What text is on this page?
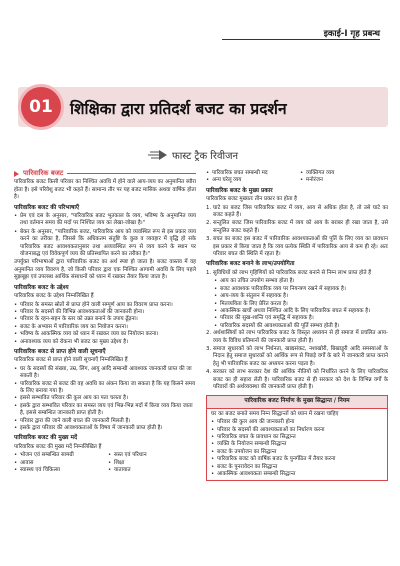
इकाई-I गृह प्रबन्ध
01	शिक्षिका द्वारा प्रतिदर्श बजट का प्रदर्शन
फास्ट ट्रैक रिवीजन
पारिवारिक बजट
पारिवारिक बजट किसी परिवार का निश्चित अवधि में होने वाले आय-व्यय का अनुमानित ब्यौरा होता है। इसे परिवेशु बजट भी कहते हैं। सामान्य तौर पर यह बजट मासिक अथवा वार्षिक होता है।
पारिवारिक बजट की परिभाषाएँ
• प्रेम एवं दस के अनुसार, "पारिवारिक बजट भूतकाल के व्यय, भविष्य के अनुमानित व्यय तथा वर्तमान समय की मदों पर निश्चित व्यय का लेखा-जोखा है।"
• बेकर के अनुसार, "पारिवारिक बजट, पारिवारिक आय को व्यवस्थित रूप से इस प्रकार व्यय करने का तरीका है, जिससे कि अधिकतम संतुष्टि के कुछ व व्यवहार में वृद्धि हो सके पारिवारिक बजट आवश्यकतानुसार तथा अव्यवस्थित रूप से व्यय करने के स्थान पर योजनाबद्ध एवं विवेकपूर्ण व्यय की प्रतिस्थापित करने का तरीका है।"
उपर्युक्त परिभाषाओं द्वारा पारिवारिक बजट का अर्थ स्पष्ट हो जाता है। बजट वास्तव में वह अनुमानित व्यय विवरण है, जो किसी परिवार द्वारा एक निश्चित आगामी अवधि के लिए पहले सुझबूझ एवं उपलब्ध आर्थिक संसाधनों को ध्यान में रखकर तैयार किया जाता है।
पारिवारिक बजट के उद्देश्य
पारिवारिक बजट के उद्देश्य निम्नलिखित हैं
• परिवार के समस्त स्रोतों से प्राप्त होने वाली सम्पूर्ण आय का विवरण प्राप्त करना।
• परिवार के सदस्यों की विभिन्न आवश्यकताओं की जानकारी होना।
• परिवार के रहन-सहन के स्तर को उन्नत बनाने के उपाय ढूँढ़ना।
• बजट के अभ्यास में पारिवारिक व्यय का नियोजन करना।
• भविष्य के आकस्मिक व्यय को ध्यान में रखकर व्यय का नियोजन करना।
• अनावश्यक व्यय को रोकना भी बजट का मुख्य उद्देश्य है।
पारिवारिक बजट से प्राप्त होने वाली सूचनाएँ
पारिवारिक बजट से प्राप्त होने वाली सूचनाएँ निम्नलिखित हैं
• घर के सदस्यों की संख्या, उम्र, लिंग, आयु आदि सम्बन्धी आवश्यक जानकारी प्राप्त की जा सकती है।
• पारिवारिक बजट से बजट की वह अवधि का अंकन किया जा सकता है कि यह किसने समय के लिए बनाया गया है।
• इससे सम्भावित परिवार की कुल आय का पता चलता है।
• इसके द्वारा सम्भावित परिवार का समस्त व्यय एवं भिन्न-भिन्न मदों में किया व्यय किया जाता है, इससे सम्बन्धित जानकारी प्राप्त होती है।
• परिवार द्वारा की जाने वाली बचत की जानकारी मिलती है।
• इसके द्वारा परिवार की आवश्यकताओं के विषय में जानकारी प्राप्त होती है।
पारिवारिक बजट की मुख्य मदें
पारिवारिक बजट की मुख्य मदें निम्नलिखित हैं
• भोजन एवं सम्बन्धित सामग्री	• सस्त एवं परिधान
• आवास	• शिक्षा
• स्वास्थ्य एवं चिकित्सा	• यातायात
• पारिवारिक बचत सम्बन्धी मद	• व्यक्तिगत व्यय
• अन्य घरेलू व्यय	• मनोरंजन
पारिवारिक बजट के मुख्य प्रकार
पारिवारिक बजट मुख्यतः तीन प्रकार का होता है
1. घाटे का बजट जिस पारिवारिक बजट में व्यय, आय से अधिक होता है, तो उसे घाटे का बजट कहते हैं।
2. सन्तुलित बजट जिस पारिवारिक बजट में व्यय को आय के बराबर ही रखा जाता है, उसे सन्तुलित बजट कहते हैं।
3. बचत का बजट इस बजट में पारिवारिक आवश्यकताओं की पूर्ति के लिए व्यय का प्रावधान इस प्रकार से किया जाता है कि व्यय प्रत्येक स्थिति में पारिवारिक आय से कम ही रहे। अतः परिवार बचत की स्थिति में रहता है।
पारिवारिक बजट बनाने के लाभ/उपयोगिता
1. सुविधियों को लाभ गृहिणियों को पारिवारिक बजट बनाने से निम्न लाभ प्राप्त होते हैं
• आय का उचित उपयोग सम्भव होता है।
• बजट आवश्यक पारिवारिक व्यय पर नियन्त्रण रखने में सहायक है।
• आय-व्यय के संतुलन में सहायक है।
• मितव्ययिता के लिए प्रेरित करता है।
• आकस्मिक खर्चों अथवा निश्चित आदि के लिए पारिवारिक बचत में सहायक है।
• परिवार की सुख-शान्ति एवं समृद्धि में सहायक है।
• पारिवारिक सदस्यों की आवश्यकताओं की पूर्ति सम्भव होती है।
2. अर्थशास्त्रियों को लाभ पारिवारिक बजट के विस्तृत अध्ययन से ही समाज में प्रचलित आय-व्यय के विविध प्रतिमानों की जानकारी प्राप्त होती है।
3. समाज सुधारकों को लाभ निर्धनता, खाद्यसंकट, नशाखोरी, बिखाडूरी आदि समस्याओं के निदान हेतु समाज सुधारकों को आर्थिक रूप से पिछड़े वर्गों के बारे में जानकारी प्राप्त कराने हेतु भी पारिवारिक बजट का अध्ययन करना पड़ता है।
4. सरकार को लाभ सरकार देश की आर्थिक नीतियों को निर्धारित करने के लिए पारिवारिक बजट का ही सहारा लेती है। पारिवारिक बजट से ही सरकार को देश के विभिन्न वर्गों के परिवारों की अर्थव्यवस्था की जानकारी प्राप्त होती है।
पारिवारिक बजट निर्माण के मुख्य सिद्धान्त / नियम
घर का बजट बनाते समय निम्न सिद्धान्तों को ध्यान में रखना चाहिए
• परिवार की कुल आय की जानकारी होना
• परिवार के सदस्यों की आवश्यकताओं का निर्धारण करना
• पारिवारिक बचत के प्रावधान का सिद्धान्त
• व्यक्ति के नियोजन सम्बन्धी सिद्धान्त
• बजट के उपयोजन का सिद्धान्त
• पारिवारिक बजट को वार्षिक बजट के पुनर्गठित में तैयार करना
• बजट के पुनरावेदन का सिद्धान्त
• आकस्मिक आवश्यकता सम्बन्धी सिद्धान्त
